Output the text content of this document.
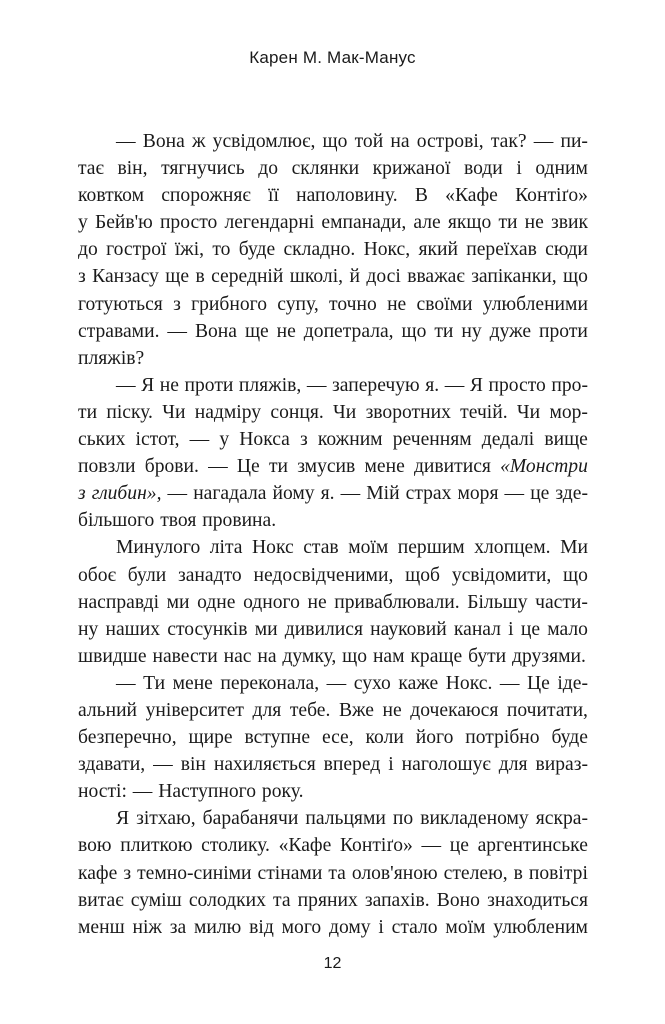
Карен М. Мак-Манус
— Вона ж усвідомлює, що той на острові, так? — пи-
тає він, тягнучись до склянки крижаної води і одним
ковтком спорожняє її наполовину. В «Кафе Контіґо»
у Бейв'ю просто легендарні емпанади, але якщо ти не звик
до гострої їжі, то буде складно. Нокс, який переїхав сюди
з Канзасу ще в середній школі, й досі вважає запіканки, що
готуються з грибного супу, точно не своїми улюбленими
стравами. — Вона ще не допетрала, що ти ну дуже проти
пляжів?
— Я не проти пляжів, — заперечую я. — Я просто про-
ти піску. Чи надміру сонця. Чи зворотних течій. Чи мор-
ських істот, — у Нокса з кожним реченням дедалі вище
повзли брови. — Це ти змусив мене дивитися «Монстри
з глибин», — нагадала йому я. — Мій страх моря — це зде-
більшого твоя провина.
Минулого літа Нокс став моїм першим хлопцем. Ми
обоє були занадто недосвідченими, щоб усвідомити, що
насправді ми одне одного не приваблювали. Більшу части-
ну наших стосунків ми дивилися науковий канал і це мало
швидше навести нас на думку, що нам краще бути друзями.
— Ти мене переконала, — сухо каже Нокс. — Це іде-
альний університет для тебе. Вже не дочекаюся почитати,
безперечно, щире вступне есе, коли його потрібно буде
здавати, — він нахиляється вперед і наголошує для вираз-
ності: — Наступного року.
Я зітхаю, барабанячи пальцями по викладеному яскра-
вою плиткою столику. «Кафе Контіґо» — це аргентинське
кафе з темно-синіми стінами та олов'яною стелею, в повітрі
витає суміш солодких та пряних запахів. Воно знаходиться
менш ніж за милю від мого дому і стало моїм улюбленим
12
